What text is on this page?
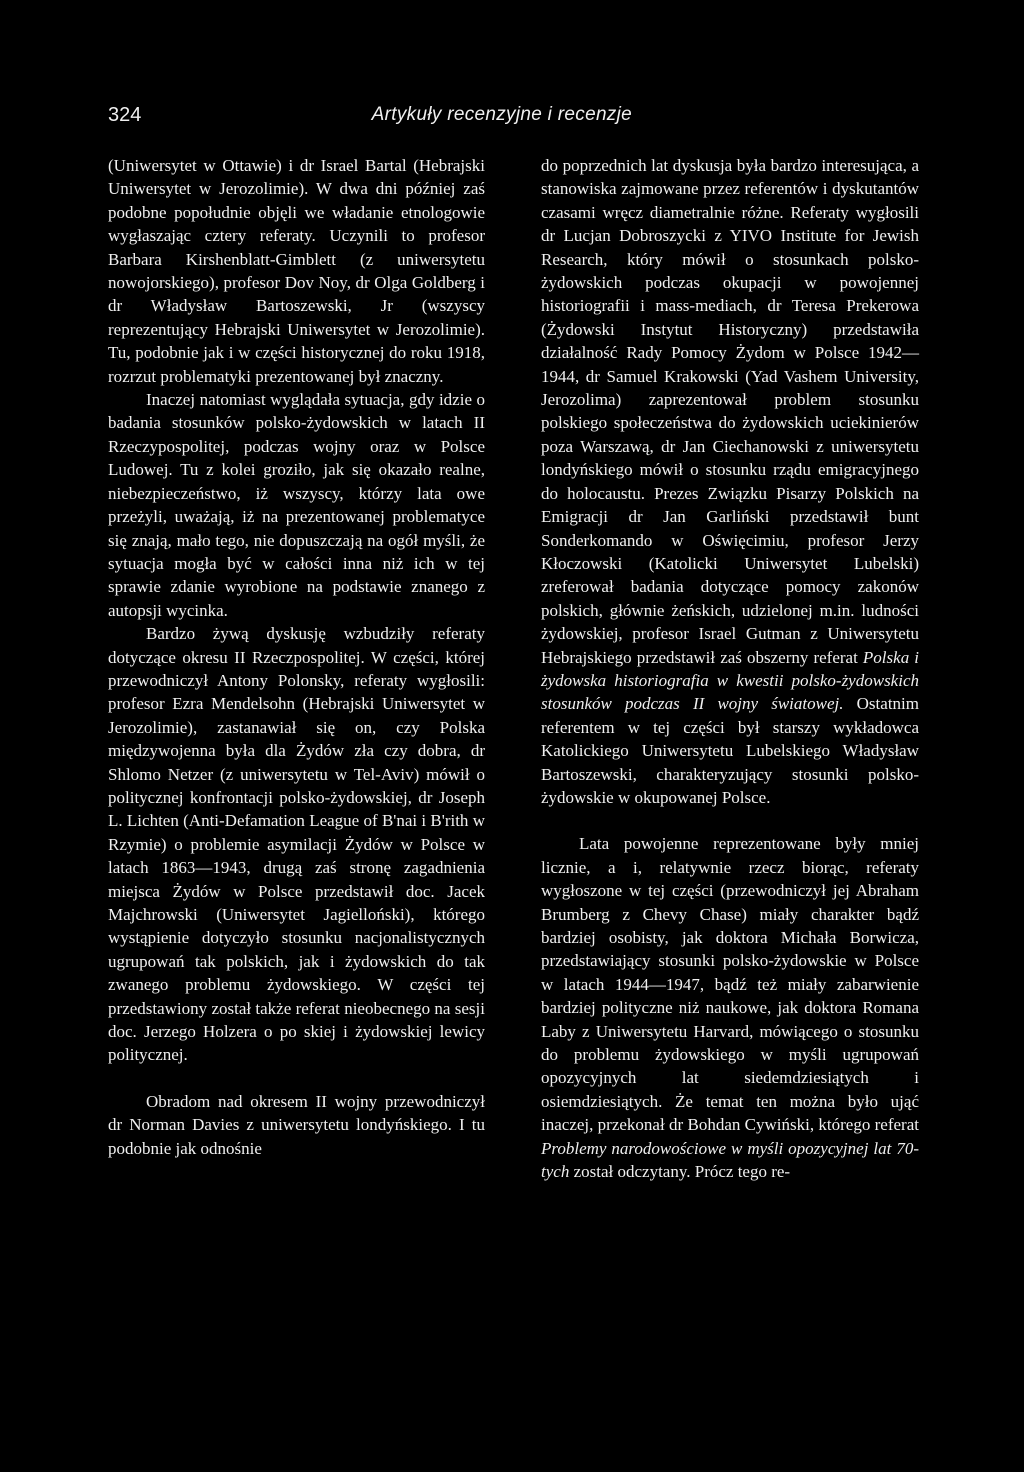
324	Artykuły recenzyjne i recenzje

(Uniwersytet w Ottawie) i dr Israel Bartal (Hebrajski Uniwersytet w Jerozolimie). W dwa dni później zaś podobne popołudnie objęli we władanie etnologowie wygłaszając cztery referaty. Uczynili to profesor Barbara Kirshenblatt-Gimblett (z uniwersytetu nowojorskiego), profesor Dov Noy, dr Olga Goldberg i dr Władysław Bartoszewski, Jr (wszyscy reprezentujący Hebrajski Uniwersytet w Jerozolimie). Tu, podobnie jak i w części historycznej do roku 1918, rozrzut problematyki prezentowanej był znaczny.

Inaczej natomiast wyglądała sytuacja, gdy idzie o badania stosunków polsko-żydowskich w latach II Rzeczypospolitej, podczas wojny oraz w Polsce Ludowej. Tu z kolei groziło, jak się okazało realne, niebezpieczeństwo, iż wszyscy, którzy lata owe przeżyli, uważają, iż na prezentowanej problematyce się znają, mało tego, nie dopuszczają na ogół myśli, że sytuacja mogła być w całości inna niż ich w tej sprawie zdanie wyrobione na podstawie znanego z autopsji wycinka.

Bardzo żywą dyskusję wzbudziły referaty dotyczące okresu II Rzeczpospolitej. W części, której przewodniczył Antony Polonsky, referaty wygłosili: profesor Ezra Mendelsohn (Hebrajski Uniwersytet w Jerozolimie), zastanawiał się on, czy Polska międzywojenna była dla Żydów zła czy dobra, dr Shlomo Netzer (z uniwersytetu w Tel-Aviv) mówił o politycznej konfrontacji polsko-żydowskiej, dr Joseph L. Lichten (Anti-Defamation League of B'nai i B'rith w Rzymie) o problemie asymilacji Żydów w Polsce w latach 1863—1943, drugą zaś stronę zagadnienia miejsca Żydów w Polsce przedstawił doc. Jacek Majchrowski (Uniwersytet Jagielloński), którego wystąpienie dotyczyło stosunku nacjonalistycznych ugrupowań tak polskich, jak i żydowskich do tak zwanego problemu żydowskiego. W części tej przedstawiony został także referat nieobecnego na sesji doc. Jerzego Holzera o po skiej i żydowskiej lewicy politycznej.

Obradom nad okresem II wojny przewodniczył dr Norman Davies z uniwersytetu londyńskiego. I tu podobnie jak odnośnie

do poprzednich lat dyskusja była bardzo interesująca, a stanowiska zajmowane przez referentów i dyskutantów czasami wręcz diametralnie różne. Referaty wygłosili dr Lucjan Dobroszycki z YIVO Institute for Jewish Research, który mówił o stosunkach polsko-żydowskich podczas okupacji w powojennej historiografii i mass-mediach, dr Teresa Prekerowa (Żydowski Instytut Historyczny) przedstawiła działalność Rady Pomocy Żydom w Polsce 1942—1944, dr Samuel Krakowski (Yad Vashem University, Jerozolima) zaprezentował problem stosunku polskiego społeczeństwa do żydowskich uciekinierów poza Warszawą, dr Jan Ciechanowski z uniwersytetu londyńskiego mówił o stosunku rządu emigracyjnego do holocaustu. Prezes Związku Pisarzy Polskich na Emigracji dr Jan Garliński przedstawił bunt Sonderkomando w Oświęcimiu, profesor Jerzy Kłoczowski (Katolicki Uniwersytet Lubelski) zreferował badania dotyczące pomocy zakonów polskich, głównie żeńskich, udzielonej m.in. ludności żydowskiej, profesor Israel Gutman z Uniwersytetu Hebrajskiego przedstawił zaś obszerny referat Polska i żydowska historiografia w kwestii polsko-żydowskich stosunków podczas II wojny światowej. Ostatnim referentem w tej części był starszy wykładowca Katolickiego Uniwersytetu Lubelskiego Władysław Bartoszewski, charakteryzujący stosunki polsko-żydowskie w okupowanej Polsce.

Lata powojenne reprezentowane były mniej licznie, a i, relatywnie rzecz biorąc, referaty wygłoszone w tej części (przewodniczył jej Abraham Brumberg z Chevy Chase) miały charakter bądź bardziej osobisty, jak doktora Michała Borwicza, przedstawiający stosunki polsko-żydowskie w Polsce w latach 1944—1947, bądź też miały zabarwienie bardziej polityczne niż naukowe, jak doktora Romana Laby z Uniwersytetu Harvard, mówiącego o stosunku do problemu żydowskiego w myśli ugrupowań opozycyjnych lat siedemdziesiątych i osiemdziesiątych. Że temat ten można było ująć inaczej, przekonał dr Bohdan Cywiński, którego referat Problemy narodowościowe w myśli opozycyjnej lat 70-tych został odczytany. Prócz tego re-
